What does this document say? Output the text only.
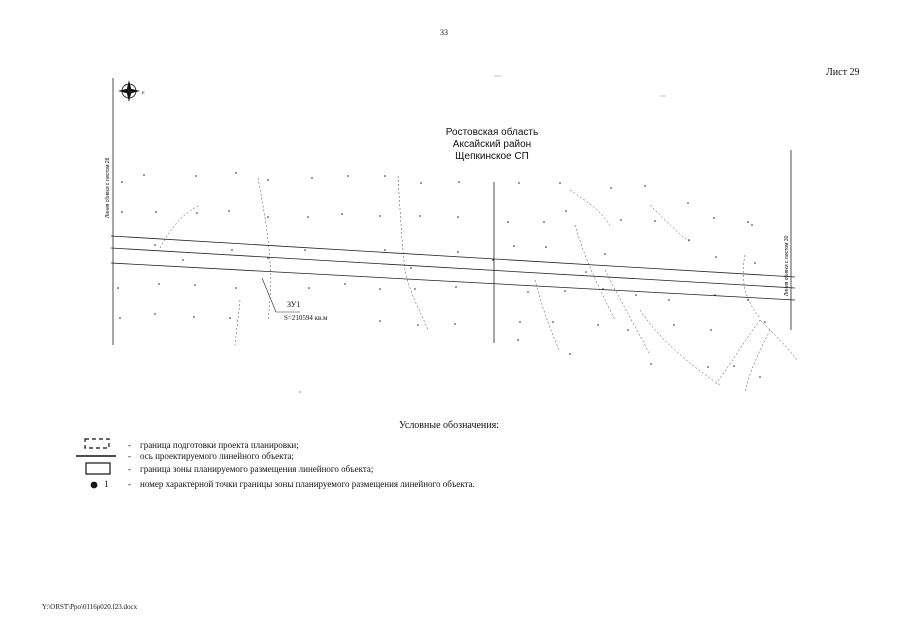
33
Лист 29
E
Линия сбивки с листом 28
Линия сбивки с листом 30
Ростовская область
Аксайский район
Щепкинское СП
ЗУ1
S=210594 кв.м
Условные обозначения:
- граница подготовки проекта планировки;
- ось проектируемого линейного объекта;
- граница зоны планируемого размещения линейного объекта;
1 - номер характерной точки границы зоны планируемого размещения линейного объекта.
Y:\ORST\Ppo\0116p020.f23.docx
